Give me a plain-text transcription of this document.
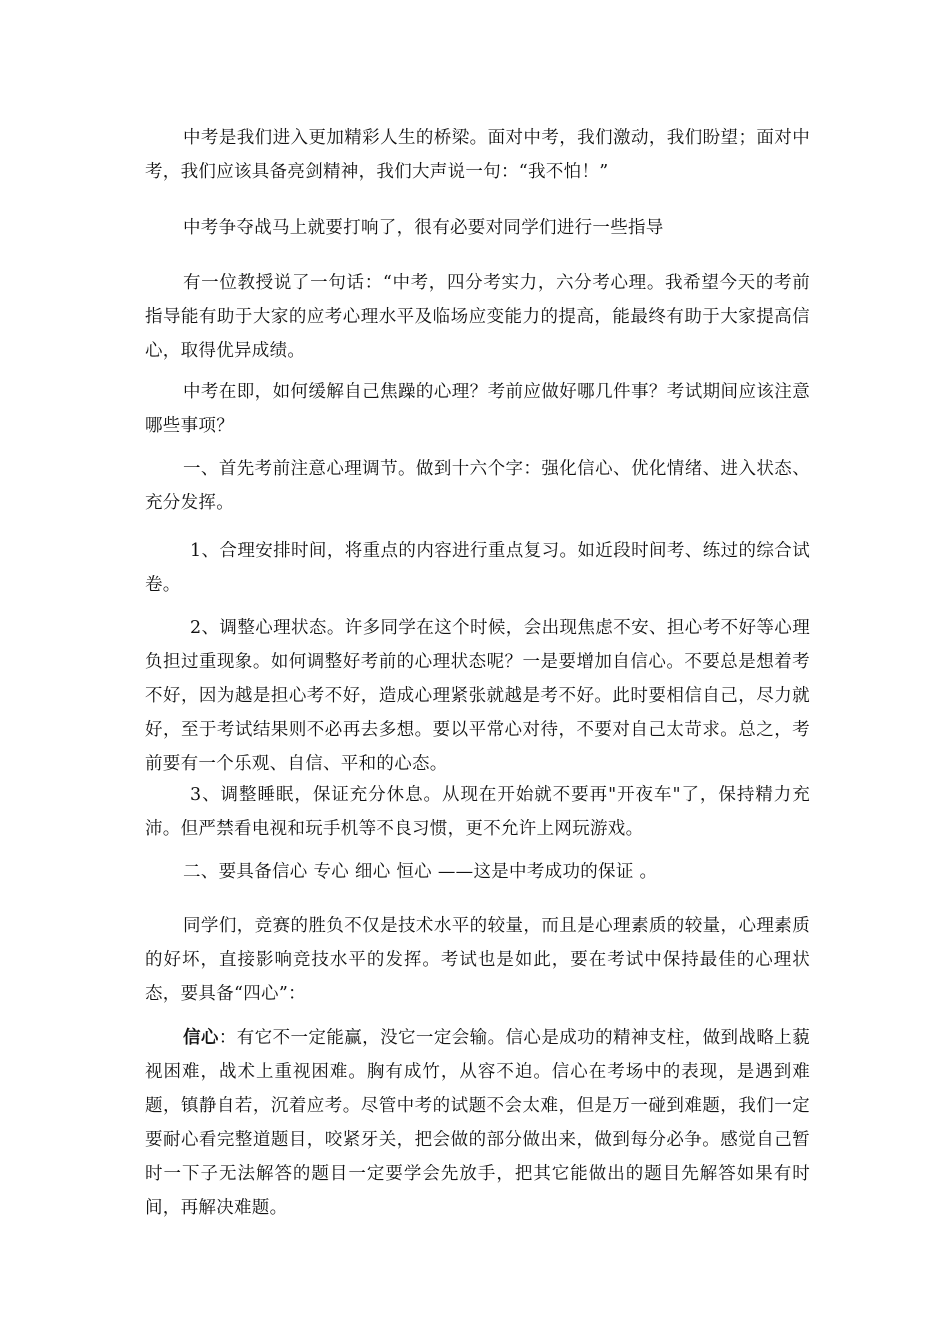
中考是我们进入更加精彩人生的桥梁。面对中考，我们激动，我们盼望；面对中考，我们应该具备亮剑精神，我们大声说一句：“我不怕！”

中考争夺战马上就要打响了，很有必要对同学们进行一些指导

有一位教授说了一句话：“中考，四分考实力，六分考心理。我希望今天的考前指导能有助于大家的应考心理水平及临场应变能力的提高，能最终有助于大家提高信心，取得优异成绩。

中考在即，如何缓解自己焦躁的心理？考前应做好哪几件事？考试期间应该注意哪些事项？

一、首先考前注意心理调节。做到十六个字：强化信心、优化情绪、进入状态、充分发挥。

1、合理安排时间，将重点的内容进行重点复习。如近段时间考、练过的综合试卷。

2、调整心理状态。许多同学在这个时候，会出现焦虑不安、担心考不好等心理负担过重现象。如何调整好考前的心理状态呢？一是要增加自信心。不要总是想着考不好，因为越是担心考不好，造成心理紧张就越是考不好。此时要相信自己，尽力就好，至于考试结果则不必再去多想。要以平常心对待，不要对自己太苛求。总之，考前要有一个乐观、自信、平和的心态。

3、调整睡眠，保证充分休息。从现在开始就不要再"开夜车"了，保持精力充沛。但严禁看电视和玩手机等不良习惯，更不允许上网玩游戏。

二、要具备信心 专心 细心 恒心 ——这是中考成功的保证 。

同学们，竞赛的胜负不仅是技术水平的较量，而且是心理素质的较量，心理素质的好坏，直接影响竞技水平的发挥。考试也是如此，要在考试中保持最佳的心理状态，要具备“四心”：

信心：有它不一定能赢，没它一定会输。信心是成功的精神支柱，做到战略上藐视困难，战术上重视困难。胸有成竹，从容不迫。信心在考场中的表现，是遇到难题，镇静自若，沉着应考。尽管中考的试题不会太难，但是万一碰到难题，我们一定要耐心看完整道题目，咬紧牙关，把会做的部分做出来，做到每分必争。感觉自己暂时一下子无法解答的题目一定要学会先放手，把其它能做出的题目先解答如果有时间，再解决难题。
